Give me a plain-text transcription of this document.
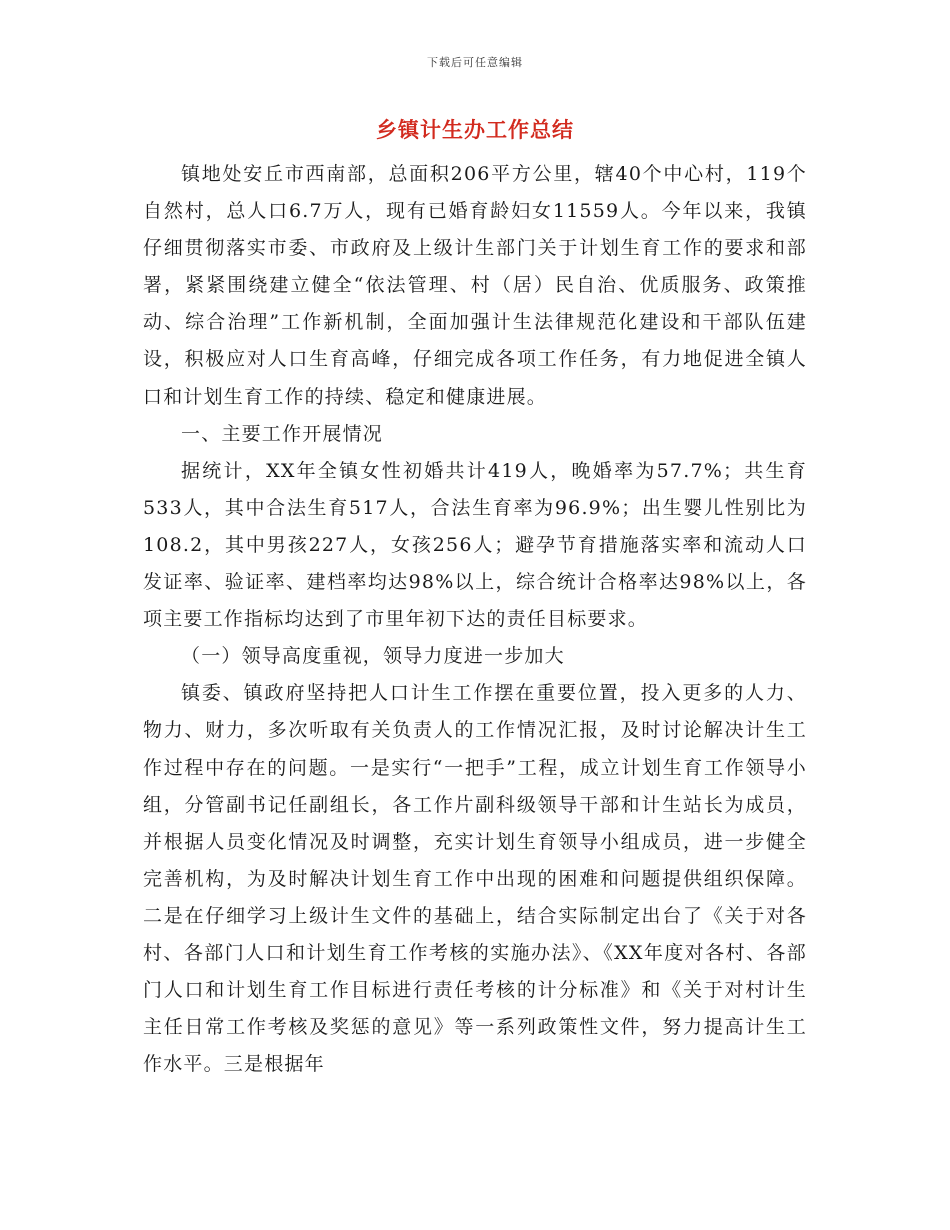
下载后可任意编辑
乡镇计生办工作总结

镇地处安丘市西南部，总面积206平方公里，辖40个中心村，119个自然村，总人口6.7万人，现有已婚育龄妇女11559人。今年以来，我镇仔细贯彻落实市委、市政府及上级计生部门关于计划生育工作的要求和部署，紧紧围绕建立健全“依法管理、村（居）民自治、优质服务、政策推动、综合治理”工作新机制，全面加强计生法律规范化建设和干部队伍建设，积极应对人口生育高峰，仔细完成各项工作任务，有力地促进全镇人口和计划生育工作的持续、稳定和健康进展。

一、主要工作开展情况

据统计，XX年全镇女性初婚共计419人，晚婚率为57.7%；共生育533人，其中合法生育517人，合法生育率为96.9%；出生婴儿性别比为108.2，其中男孩227人，女孩256人；避孕节育措施落实率和流动人口发证率、验证率、建档率均达98%以上，综合统计合格率达98%以上，各项主要工作指标均达到了市里年初下达的责任目标要求。

（一）领导高度重视，领导力度进一步加大

镇委、镇政府坚持把人口计生工作摆在重要位置，投入更多的人力、物力、财力，多次听取有关负责人的工作情况汇报，及时讨论解决计生工作过程中存在的问题。一是实行“一把手”工程，成立计划生育工作领导小组，分管副书记任副组长，各工作片副科级领导干部和计生站长为成员，并根据人员变化情况及时调整，充实计划生育领导小组成员，进一步健全完善机构，为及时解决计划生育工作中出现的困难和问题提供组织保障。二是在仔细学习上级计生文件的基础上，结合实际制定出台了《关于对各村、各部门人口和计划生育工作考核的实施办法》、《XX年度对各村、各部门人口和计划生育工作目标进行责任考核的计分标准》和《关于对村计生主任日常工作考核及奖惩的意见》等一系列政策性文件，努力提高计生工作水平。三是根据年
